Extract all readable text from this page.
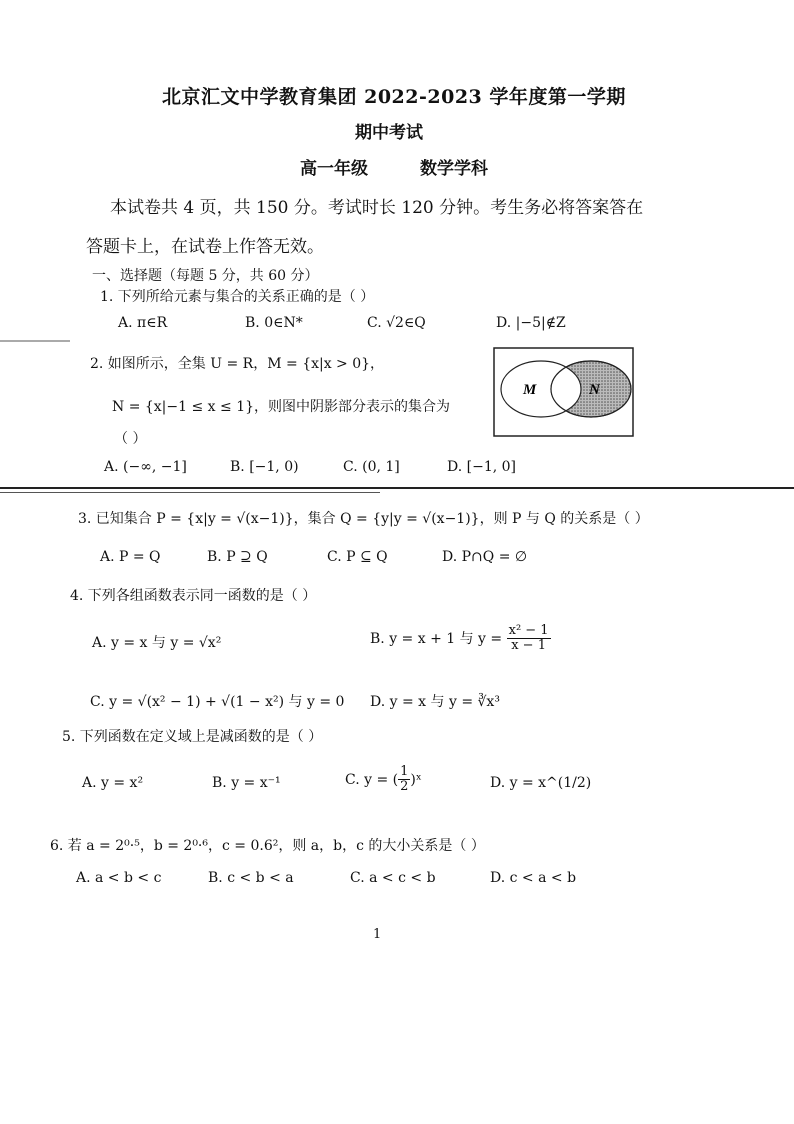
北京汇文中学教育集团 2022-2023 学年度第一学期
期中考试
高一年级	数学学科
本试卷共 4 页，共 150 分。考试时长 120 分钟。考生务必将答案答在
答题卡上，在试卷上作答无效。
一、选择题（每题 5 分，共 60 分）
1. 下列所给元素与集合的关系正确的是（ ）
A. π∈R	B. 0∈N*	C. √2∈Q	D. |−5|∉Z
2. 如图所示，全集 U = R，M = {x|x > 0}，
N = {x|−1 ≤ x ≤ 1}，则图中阴影部分表示的集合为
（ ）
M	N
A. (−∞, −1]	B. [−1, 0)	C. (0, 1]	D. [−1, 0]
3. 已知集合 P = {x|y = √(x−1)}，集合 Q = {y|y = √(x−1)}，则 P 与 Q 的关系是（ ）
A. P = Q	B. P ⊇ Q	C. P ⊆ Q	D. P∩Q = ∅
4. 下列各组函数表示同一函数的是（ ）
A. y = x 与 y = √x²	B. y = x + 1 与 $y = \frac{\text{x² − 1}}{x - 1}$
C. y = √(x² − 1) + √(1 − x²) 与 y = 0 D. y = x 与 y = ∛x³
5. 下列函数在定义域上是减函数的是（ ）
A. y = x²	B. y = x⁻¹	C. y = ( $\frac{1}{2}$ )ˣ	D. y = x^(1/2)
6. 若 a = 2⁰·⁵，b = 2⁰·⁶，c = 0.6²，则 a，b，c 的大小关系是（ ）
A. a < b < c	B. c < b < a	C. a < c < b	D. c < a < b
1
